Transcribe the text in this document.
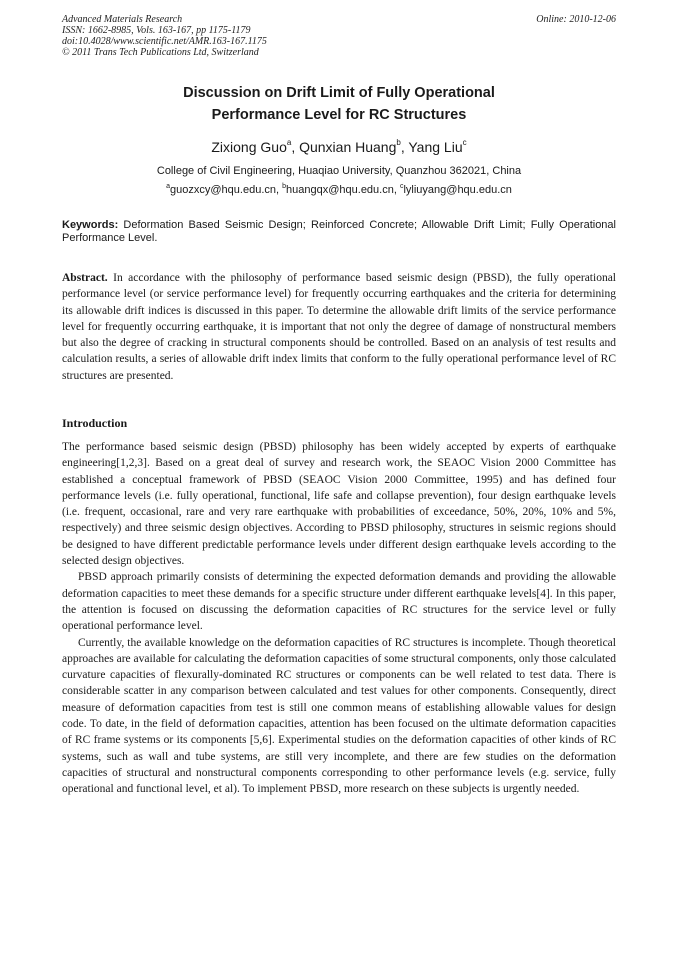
Advanced Materials Research
ISSN: 1662-8985, Vols. 163-167, pp 1175-1179
doi:10.4028/www.scientific.net/AMR.163-167.1175
© 2011 Trans Tech Publications Ltd, Switzerland
Online: 2010-12-06
Discussion on Drift Limit of Fully Operational
Performance Level for RC Structures
Zixiong Guo$^a$, Qunxian Huang$^b$, Yang Liu$^c$
College of Civil Engineering, Huaqiao University, Quanzhou 362021, China
$^a$guozxcy@hqu.edu.cn, $^b$huangqx@hqu.edu.cn, $^c$lyliuyang@hqu.edu.cn
Keywords: Deformation Based Seismic Design; Reinforced Concrete; Allowable Drift Limit; Fully Operational Performance Level.
Abstract. In accordance with the philosophy of performance based seismic design (PBSD), the fully operational performance level (or service performance level) for frequently occurring earthquakes and the criteria for determining its allowable drift indices is discussed in this paper. To determine the allowable drift limits of the service performance level for frequently occurring earthquake, it is important that not only the degree of damage of nonstructural members but also the degree of cracking in structural components should be controlled. Based on an analysis of test results and calculation results, a series of allowable drift index limits that conform to the fully operational performance level of RC structures are presented.
Introduction

The performance based seismic design (PBSD) philosophy has been widely accepted by experts of earthquake engineering[1,2,3]. Based on a great deal of survey and research work, the SEAOC Vision 2000 Committee has established a conceptual framework of PBSD (SEAOC Vision 2000 Committee, 1995) and has defined four performance levels (i.e. fully operational, functional, life safe and collapse prevention), four design earthquake levels (i.e. frequent, occasional, rare and very rare earthquake with probabilities of exceedance, 50%, 20%, 10% and 5%, respectively) and three seismic design objectives. According to PBSD philosophy, structures in seismic regions should be designed to have different predictable performance levels under different design earthquake levels according to the selected design objectives.

PBSD approach primarily consists of determining the expected deformation demands and providing the allowable deformation capacities to meet these demands for a specific structure under different earthquake levels[4]. In this paper, the attention is focused on discussing the deformation capacities of RC structures for the service level or fully operational performance level.

Currently, the available knowledge on the deformation capacities of RC structures is incomplete. Though theoretical approaches are available for calculating the deformation capacities of some structural components, only those calculated curvature capacities of flexurally-dominated RC structures or components can be well related to test data. There is considerable scatter in any comparison between calculated and test values for other components. Consequently, direct measure of deformation capacities from test is still one common means of establishing allowable values for design code. To date, in the field of deformation capacities, attention has been focused on the ultimate deformation capacities of RC frame systems or its components [5,6]. Experimental studies on the deformation capacities of other kinds of RC systems, such as wall and tube systems, are still very incomplete, and there are few studies on the deformation capacities of structural and nonstructural components corresponding to other performance levels (e.g. service, fully operational and functional level, et al). To implement PBSD, more research on these subjects is urgently needed.
